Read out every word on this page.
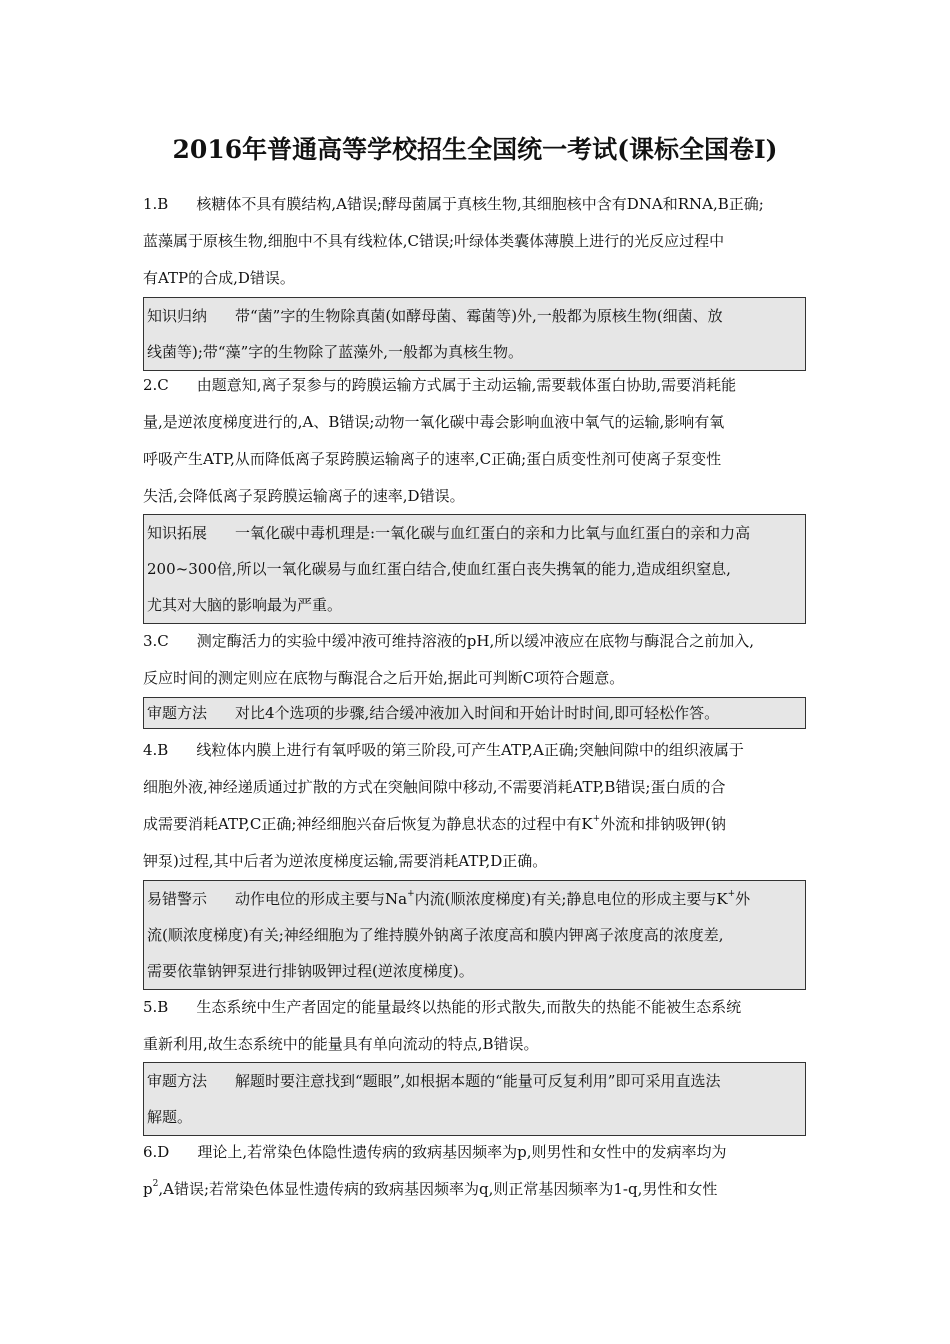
2016年普通高等学校招生全国统一考试(课标全国卷Ⅰ)
1.B 核糖体不具有膜结构,A错误;酵母菌属于真核生物,其细胞核中含有DNA和RNA,B正确;
蓝藻属于原核生物,细胞中不具有线粒体,C错误;叶绿体类囊体薄膜上进行的光反应过程中
有ATP的合成,D错误。
知识归纳 带“菌”字的生物除真菌(如酵母菌、霉菌等)外,一般都为原核生物(细菌、放
线菌等);带“藻”字的生物除了蓝藻外,一般都为真核生物。
2.C 由题意知,离子泵参与的跨膜运输方式属于主动运输,需要载体蛋白协助,需要消耗能
量,是逆浓度梯度进行的,A、B错误;动物一氧化碳中毒会影响血液中氧气的运输,影响有氧
呼吸产生ATP,从而降低离子泵跨膜运输离子的速率,C正确;蛋白质变性剂可使离子泵变性
失活,会降低离子泵跨膜运输离子的速率,D错误。
知识拓展 一氧化碳中毒机理是:一氧化碳与血红蛋白的亲和力比氧与血红蛋白的亲和力高
200~300倍,所以一氧化碳易与血红蛋白结合,使血红蛋白丧失携氧的能力,造成组织窒息,
尤其对大脑的影响最为严重。
3.C 测定酶活力的实验中缓冲液可维持溶液的pH,所以缓冲液应在底物与酶混合之前加入,
反应时间的测定则应在底物与酶混合之后开始,据此可判断C项符合题意。
审题方法 对比4个选项的步骤,结合缓冲液加入时间和开始计时时间,即可轻松作答。
4.B 线粒体内膜上进行有氧呼吸的第三阶段,可产生ATP,A正确;突触间隙中的组织液属于
细胞外液,神经递质通过扩散的方式在突触间隙中移动,不需要消耗ATP,B错误;蛋白质的合
成需要消耗ATP,C正确;神经细胞兴奋后恢复为静息状态的过程中有K+外流和排钠吸钾(钠
钾泵)过程,其中后者为逆浓度梯度运输,需要消耗ATP,D正确。
易错警示 动作电位的形成主要与Na+内流(顺浓度梯度)有关;静息电位的形成主要与K+外
流(顺浓度梯度)有关;神经细胞为了维持膜外钠离子浓度高和膜内钾离子浓度高的浓度差,
需要依靠钠钾泵进行排钠吸钾过程(逆浓度梯度)。
5.B 生态系统中生产者固定的能量最终以热能的形式散失,而散失的热能不能被生态系统
重新利用,故生态系统中的能量具有单向流动的特点,B错误。
审题方法 解题时要注意找到“题眼”,如根据本题的“能量可反复利用”即可采用直选法
解题。
6.D 理论上,若常染色体隐性遗传病的致病基因频率为p,则男性和女性中的发病率均为
$p^2,A$错误;若常染色体显性遗传病的致病基因频率为q,则正常基因频率为1-q,男性和女性
